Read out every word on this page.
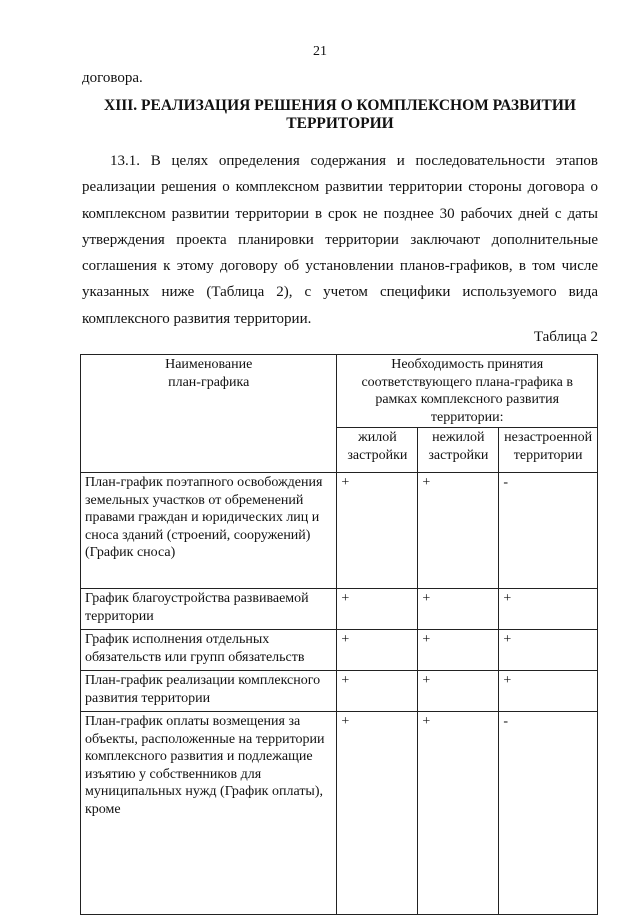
21
договора.
XIII. РЕАЛИЗАЦИЯ РЕШЕНИЯ О КОМПЛЕКСНОМ РАЗВИТИИ
ТЕРРИТОРИИ
13.1. В целях определения содержания и последовательности этапов
реализации решения о комплексном развитии территории стороны договора о
комплексном развитии территории в срок не позднее 30 рабочих дней с даты
утверждения проекта планировки территории заключают дополнительные
соглашения к этому договору об установлении планов-графиков, в том числе
указанных ниже (Таблица 2), с учетом специфики используемого вида
комплексного развития территории.
Таблица 2
Наименование
план-графика	Необходимость принятия соответствующего плана-графика в рамках комплексного развития территории:		
	жилой застройки	нежилой застройки	незастроенной территории
План-график поэтапного освобождения земельных участков от обременений правами граждан и юридических лиц и сноса зданий (строений, сооружений) (График сноса)	+	+	-
График благоустройства развиваемой территории	+	+	+
График исполнения отдельных обязательств или групп обязательств	+	+	+
План-график реализации комплексного развития территории	+	+	+
План-график оплаты возмещения за объекты, расположенные на территории комплексного развития и подлежащие изъятию у собственников для муниципальных нужд (График оплаты), кроме	+	+	-
